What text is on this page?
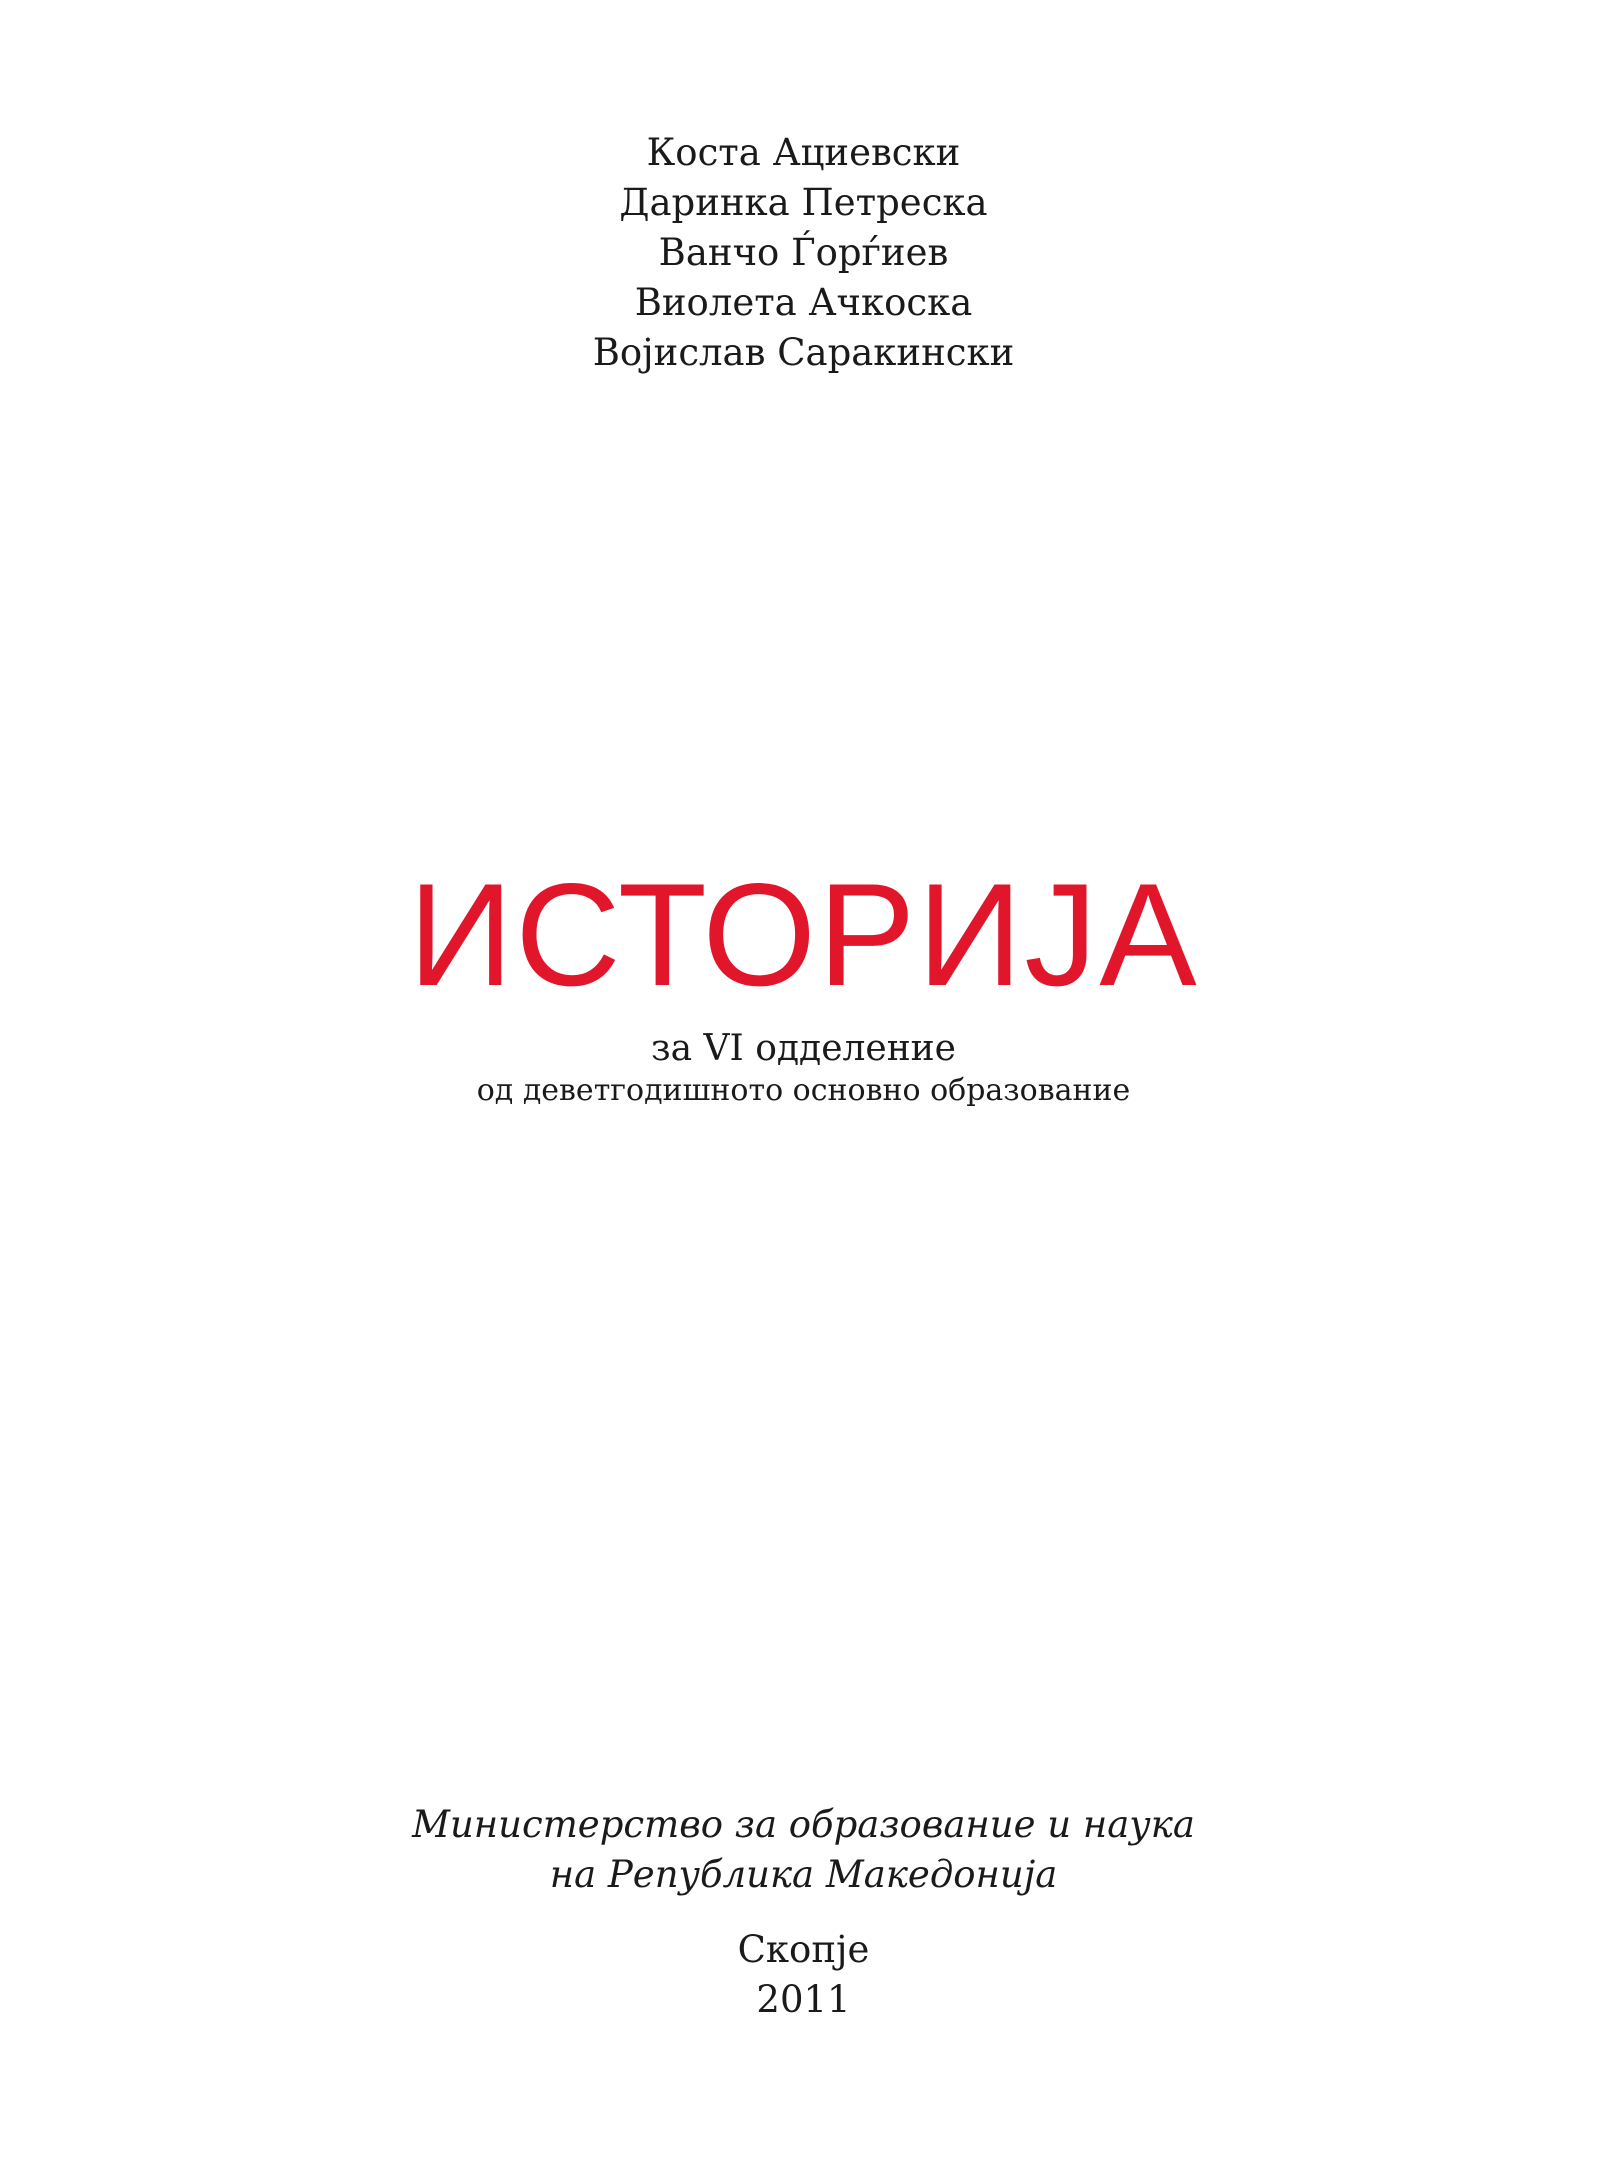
Коста Ациевски
Даринка Петреска
Ванчо Ѓорѓиев
Виолета Ачкоска
Војислав Саракински
ИСТОРИЈА
за VI одделение
од деветгодишното основно образование
Министерство за образование и наука
на Република Македонија
Скопје
2011
